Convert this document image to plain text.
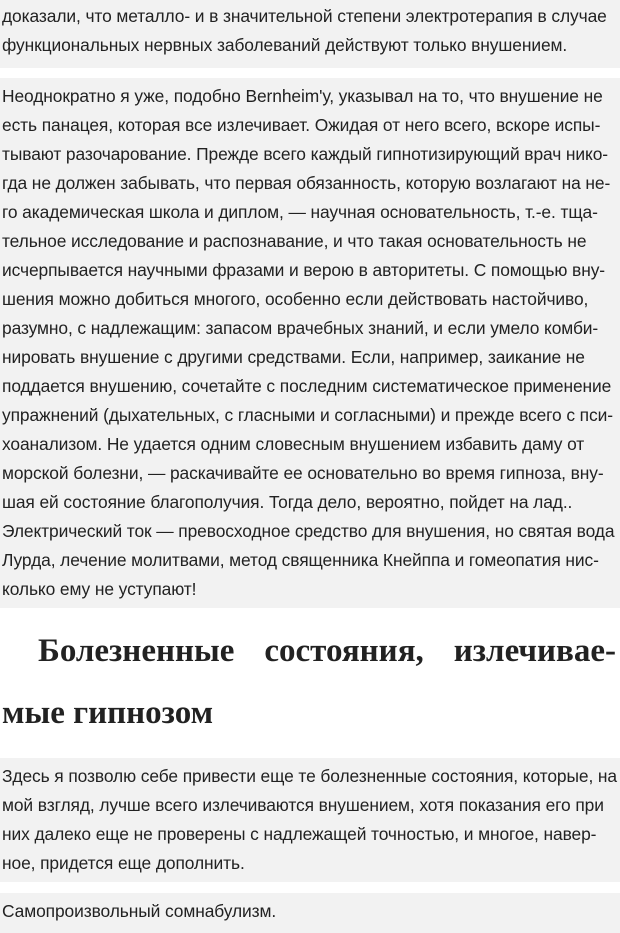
доказали, что металло- и в значительной степени электротерапия в случае
функциональных нервных заболеваний действуют только внушением.
Неоднократно я уже, подобно Bernheim'у, указывал на то, что внушение не
есть панацея, которая все излечивает. Ожидая от него всего, вскоре испы-
тывают разочарование. Прежде всего каждый гипнотизирующий врач нико-
гда не должен забывать, что первая обязанность, которую возлагают на не-
го академическая школа и диплом, — научная основательность, т.-е. тща-
тельное исследование и распознавание, и что такая основательность не
исчерпывается научными фразами и верою в авторитеты. С помощью вну-
шения можно добиться многого, особенно если действовать настойчиво,
разумно, с надлежащим: запасом врачебных знаний, и если умело комби-
нировать внушение с другими средствами. Если, например, заикание не
поддается внушению, сочетайте с последним систематическое применение
упражнений (дыхательных, с гласными и согласными) и прежде всего с пси-
хоанализом. Не удается одним словесным внушением избавить даму от
морской болезни, — раскачивайте ее основательно во время гипноза, вну-
шая ей состояние благополучия. Тогда дело, вероятно, пойдет на лад..
Электрический ток — превосходное средство для внушения, но святая вода
Лурда, лечение молитвами, метод священника Кнейппа и гомеопатия нис-
колько ему не уступают!
Болезненные состояния, излечивае-
мые гипнозом
Здесь я позволю себе привести еще те болезненные состояния, которые, на
мой взгляд, лучше всего излечиваются внушением, хотя показания его при
них далеко еще не проверены с надлежащей точностью, и многое, навер-
ное, придется еще дополнить.
Самопроизвольный сомнабулизм.
